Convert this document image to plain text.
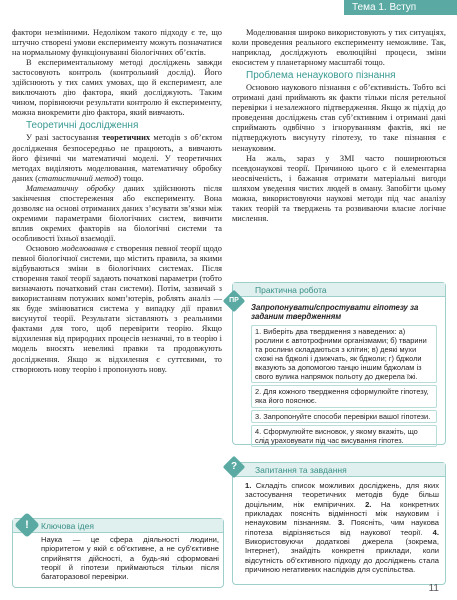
Тема 1. Вступ

фактори незмінними. Недоліком такого підходу є те, що штучно створені умови експерименту можуть позначатися на нормальному функціонуванні біологічних об’єктів.

В експериментальному методі досліджень завжди застосовують контроль (контрольний дослід). Його здійснюють у тих самих умовах, що й експеримент, але виключають дію фактора, який досліджують. Таким чином, порівнюючи результати контролю й експерименту, можна виокремити дію фактора, який вивчають.

Теоретичні дослідження

У разі застосування теоретичних методів з об’єктом дослідження безпосередньо не працюють, а вивчають його фізичні чи математичні моделі. У теоретичних методах виділяють моделювання, математичну обробку даних (статистичний метод) тощо.

Математичну обробку даних здійснюють після закінчення спостереження або експерименту. Вона дозволяє на основі отриманих даних з’ясувати зв’язки між окремими параметрами біологічних систем, вивчити вплив окремих факторів на біологічні системи та особливості їхньої взаємодії.

Основою моделювання є створення певної теорії щодо певної біологічної системи, що містить правила, за якими відбуваються зміни в біологічних системах. Після створення такої теорії задають початкові параметри (тобто визначають початковий стан системи). Потім, зазвичай з використанням потужних комп’ютерів, роблять аналіз — як буде змінюватися система у випадку дії правил висунутої теорії. Результати зіставляють з реальними фактами для того, щоб перевірити теорію. Якщо відхилення від природних процесів незначні, то в теорію і модель вносять невеликі правки та продовжують дослідження. Якщо ж відхилення є суттєвими, то створюють нову теорію і пропонують нову.

Ключова ідея
!
Наука — це сфера діяльності людини, пріоритетом у якій є об’єктивне, а не суб’єктивне сприйняття дійсності, а будь-які сформовані теорії й гіпотези приймаються тільки після багаторазової перевірки.

Моделювання широко використовують у тих ситуаціях, коли проведення реального експерименту неможливе. Так, наприклад, досліджують еволюційні процеси, зміни екосистем у планетарному масштабі тощо.

Проблема ненаукового пізнання

Основою наукового пізнання є об’єктивність. Тобто всі отримані дані приймають як факти тільки після ретельної перевірки і незалежного підтвердження. Якщо ж підхід до проведення досліджень став суб’єктивним і отримані дані сприймають одвбічно з ігноруванням фактів, які не підтверджують висунуту гіпотезу, то таке пізнання є ненауковим.

На жаль, зараз у ЗМІ часто поширюються псевдонаукові теорії. Причиною цього є й елементарна неосвіченість, і бажання отримати матеріальні вигоди шляхом уведення чистих людей в оману. Запобігти цьому можна, використовуючи наукові методи під час аналізу таких теорій та тверджень та розвиваючи власне логічне мислення.

Практична робота
ПР
Запропонувати/спростувати гіпотезу за заданим твердженням
1. Виберіть два твердження з наведених: а) рослини є автотрофними організмами; б) тварини та рослини складаються з клітин; в) деякі мухи схожі на бджолі і дзижчать, як бджоли; г) бджоли вказують за допомогою танцю іншим бджолам із свого вулика напрямок польоту до джерела їжі.
2. Для кожного твердження сформулюйте гіпотезу, яка його пояснює.
3. Запропонуйте способи перевірки вашої гіпотези.
4. Сформулюйте висновок, у якому вкажіть, що слід ураховувати під час висування гіпотез.
Запитання та завдання
?
1. Складіть список можливих досліджень, для яких застосування теоретичних методів буде більш доцільним, ніж емпіричних. 2. На конкретних прикладах поясніть відмінності між науковим і ненауковим пізнанням. 3. Поясніть, чим наукова гіпотеза відрізняється від наукової теорії. 4. Використовуючи додаткові джерела (зокрема, Інтернет), знайдіть конкретні приклади, коли відсутність об’єктивного підходу до досліджень стала причиною негативних наслідків для суспільства.
11
